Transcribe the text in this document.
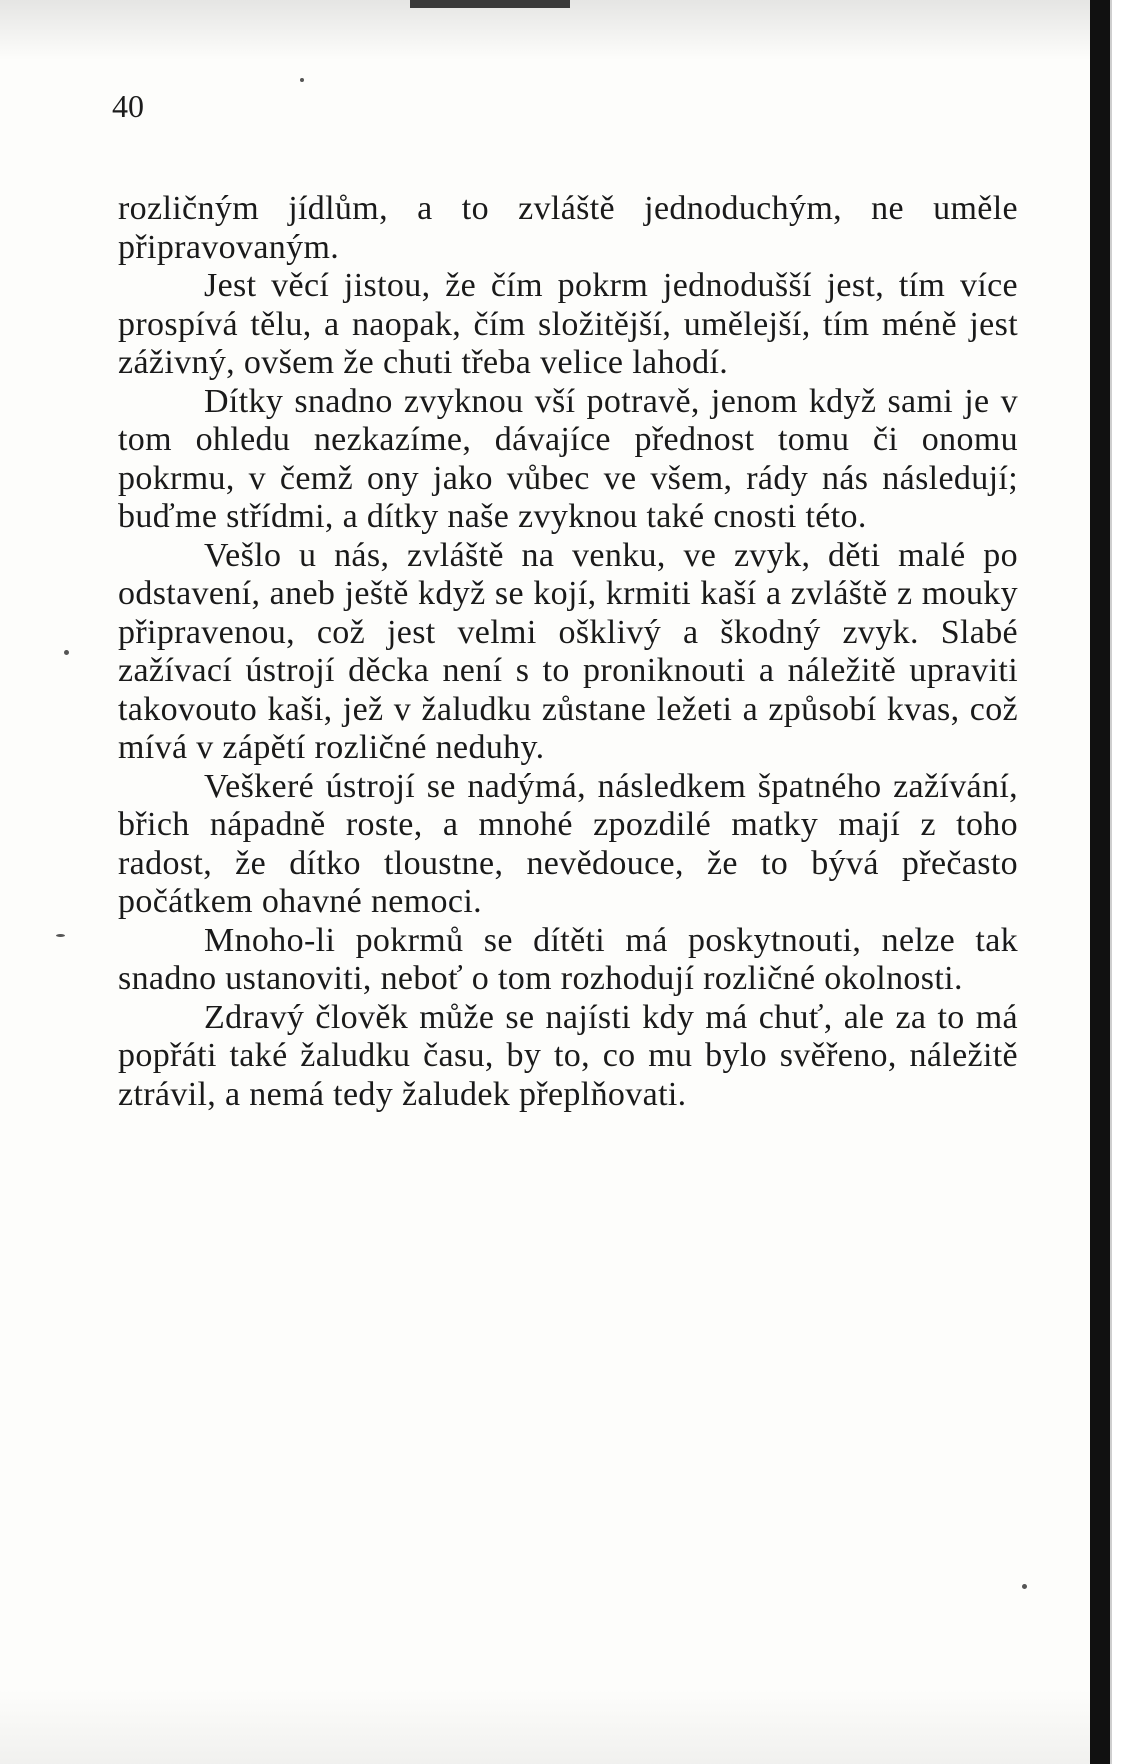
40

rozličným jídlům, a to zvláště jednoduchým, ne uměle připravovaným.

Jest věcí jistou, že čím pokrm jednodušší jest, tím více prospívá tělu, a naopak, čím složitější, umělejší, tím méně jest záživný, ovšem že chuti třeba velice lahodí.

Dítky snadno zvyknou vší potravě, jenom když sami je v tom ohledu nezkazíme, dávajíce přednost tomu či onomu pokrmu, v čemž ony jako vůbec ve všem, rády nás následují; buďme střídmi, a dítky naše zvyknou také cnosti této.

Vešlo u nás, zvláště na venku, ve zvyk, děti malé po odstavení, aneb ještě když se kojí, krmiti kaší a zvláště z mouky připravenou, což jest velmi ošklivý a škodný zvyk. Slabé zažívací ústrojí děcka není s to proniknouti a náležitě upraviti takovouto kaši, jež v žaludku zůstane ležeti a způsobí kvas, což mívá v zápětí rozličné neduhy.

Veškeré ústrojí se nadýmá, následkem špatného zažívání, břich nápadně roste, a mnohé zpozdilé matky mají z toho radost, že dítko tloustne, nevědouce, že to bývá přečasto počátkem ohavné nemoci.

Mnoho-li pokrmů se dítěti má poskytnouti, nelze tak snadno ustanoviti, neboť o tom rozhodují rozličné okolnosti.

Zdravý člověk může se najísti kdy má chuť, ale za to má popřáti také žaludku času, by to, co mu bylo svěřeno, náležitě ztrávil, a nemá tedy žaludek přeplňovati.
